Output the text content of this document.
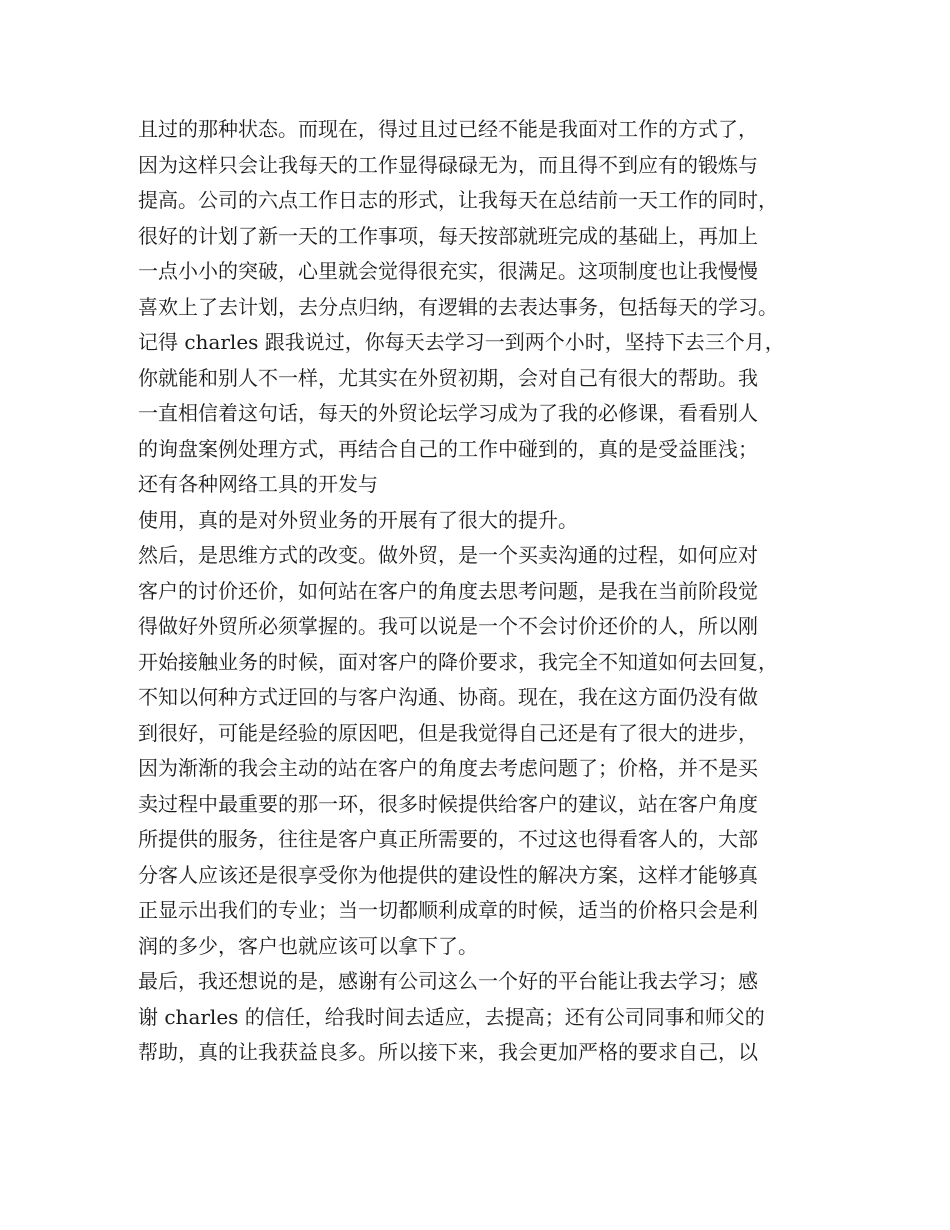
且过的那种状态。而现在，得过且过已经不能是我面对工作的方式了，
因为这样只会让我每天的工作显得碌碌无为，而且得不到应有的锻炼与
提高。公司的六点工作日志的形式，让我每天在总结前一天工作的同时，
很好的计划了新一天的工作事项，每天按部就班完成的基础上，再加上
一点小小的突破，心里就会觉得很充实，很满足。这项制度也让我慢慢
喜欢上了去计划，去分点归纳，有逻辑的去表达事务，包括每天的学习。
记得 charles 跟我说过，你每天去学习一到两个小时，坚持下去三个月，
你就能和别人不一样，尤其实在外贸初期，会对自己有很大的帮助。我
一直相信着这句话，每天的外贸论坛学习成为了我的必修课，看看别人
的询盘案例处理方式，再结合自己的工作中碰到的，真的是受益匪浅；
还有各种网络工具的开发与
使用，真的是对外贸业务的开展有了很大的提升。
然后，是思维方式的改变。做外贸，是一个买卖沟通的过程，如何应对
客户的讨价还价，如何站在客户的角度去思考问题，是我在当前阶段觉
得做好外贸所必须掌握的。我可以说是一个不会讨价还价的人，所以刚
开始接触业务的时候，面对客户的降价要求，我完全不知道如何去回复，
不知以何种方式迂回的与客户沟通、协商。现在，我在这方面仍没有做
到很好，可能是经验的原因吧，但是我觉得自己还是有了很大的进步，
因为渐渐的我会主动的站在客户的角度去考虑问题了；价格，并不是买
卖过程中最重要的那一环，很多时候提供给客户的建议，站在客户角度
所提供的服务，往往是客户真正所需要的，不过这也得看客人的，大部
分客人应该还是很享受你为他提供的建设性的解决方案，这样才能够真
正显示出我们的专业；当一切都顺利成章的时候，适当的价格只会是利
润的多少，客户也就应该可以拿下了。
最后，我还想说的是，感谢有公司这么一个好的平台能让我去学习；感
谢 charles 的信任，给我时间去适应，去提高；还有公司同事和师父的
帮助，真的让我获益良多。所以接下来，我会更加严格的要求自己，以
